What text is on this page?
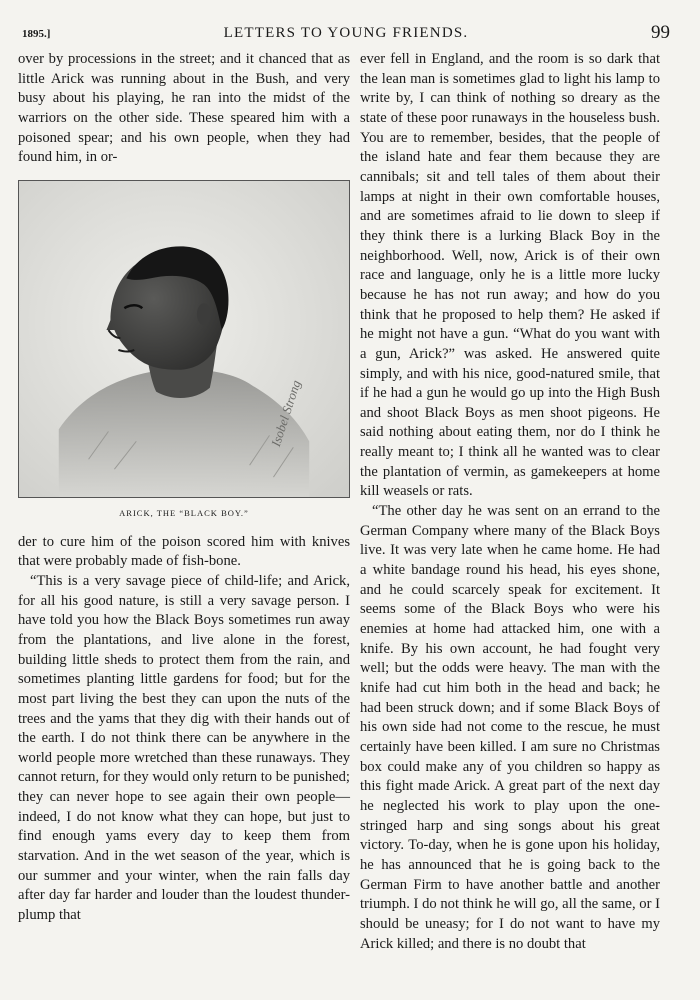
1895.]	LETTERS TO YOUNG FRIENDS.	99

over by processions in the street; and it chanced that as little Arick was running about in the Bush, and very busy about his playing, he ran into the midst of the warriors on the other side. These speared him with a poisoned spear; and his own people, when they had found him, in or-

Isobel Strong
ARICK, THE “BLACK BOY.”

der to cure him of the poison scored him with knives that were probably made of fish-bone.

“This is a very savage piece of child-life; and Arick, for all his good nature, is still a very savage person. I have told you how the Black Boys sometimes run away from the plantations, and live alone in the forest, building little sheds to protect them from the rain, and sometimes planting little gardens for food; but for the most part living the best they can upon the nuts of the trees and the yams that they dig with their hands out of the earth. I do not think there can be anywhere in the world people more wretched than these runaways. They cannot return, for they would only return to be punished; they can never hope to see again their own people—indeed, I do not know what they can hope, but just to find enough yams every day to keep them from starvation. And in the wet season of the year, which is our summer and your winter, when the rain falls day after day far harder and louder than the loudest thunder-plump that

ever fell in England, and the room is so dark that the lean man is sometimes glad to light his lamp to write by, I can think of nothing so dreary as the state of these poor runaways in the houseless bush. You are to remember, besides, that the people of the island hate and fear them because they are cannibals; sit and tell tales of them about their lamps at night in their own comfortable houses, and are sometimes afraid to lie down to sleep if they think there is a lurking Black Boy in the neighborhood. Well, now, Arick is of their own race and language, only he is a little more lucky because he has not run away; and how do you think that he proposed to help them? He asked if he might not have a gun. “What do you want with a gun, Arick?” was asked. He answered quite simply, and with his nice, good-natured smile, that if he had a gun he would go up into the High Bush and shoot Black Boys as men shoot pigeons. He said nothing about eating them, nor do I think he really meant to; I think all he wanted was to clear the plantation of vermin, as gamekeepers at home kill weasels or rats.

“The other day he was sent on an errand to the German Company where many of the Black Boys live. It was very late when he came home. He had a white bandage round his head, his eyes shone, and he could scarcely speak for excitement. It seems some of the Black Boys who were his enemies at home had attacked him, one with a knife. By his own account, he had fought very well; but the odds were heavy. The man with the knife had cut him both in the head and back; he had been struck down; and if some Black Boys of his own side had not come to the rescue, he must certainly have been killed. I am sure no Christmas box could make any of you children so happy as this fight made Arick. A great part of the next day he neglected his work to play upon the one-stringed harp and sing songs about his great victory. To-day, when he is gone upon his holiday, he has announced that he is going back to the German Firm to have another battle and another triumph. I do not think he will go, all the same, or I should be uneasy; for I do not want to have my Arick killed; and there is no doubt that
